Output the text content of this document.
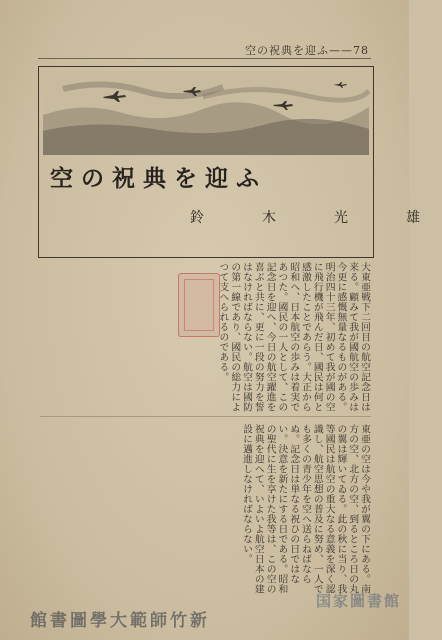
空の祝典を迎ふ——78
空の祝典を迎ふ
鈴　木　光　雄
大東亜戦下二回目の航空記念日は来る。顧みて我が國航空の歩みは今更に感慨無量なるものがある。明治四十三年、初めて我が國の空に飛行機が飛んだ日、國民は何と感激したことであらう。大正から昭和へ、日本航空の歩みは着実であつた。國民の一人として、この記念日を迎へ、今日の航空躍進を喜ぶと共に、更に一段の努力を誓はなければならない。航空は國防の第一線であり、國民の総力によつて支へられるのである。
東亜の空は今や我が翼の下にある。南方の空、北方の空、到るところ日の丸の翼は輝いてゐる。此の秋に当り、我等國民は航空の重大なる意義を深く認識し、航空思想の普及に努め、一人でも多くの青少年を空へ送らねばならぬ。記念日は単なる祝ひの日ではない。決意を新たにする日である。昭和の聖代に生を享けた我等は、この空の祝典を迎へて、いよいよ航空日本の建設に邁進しなければならない。
館書圖學大範師竹新
国家圖書館
